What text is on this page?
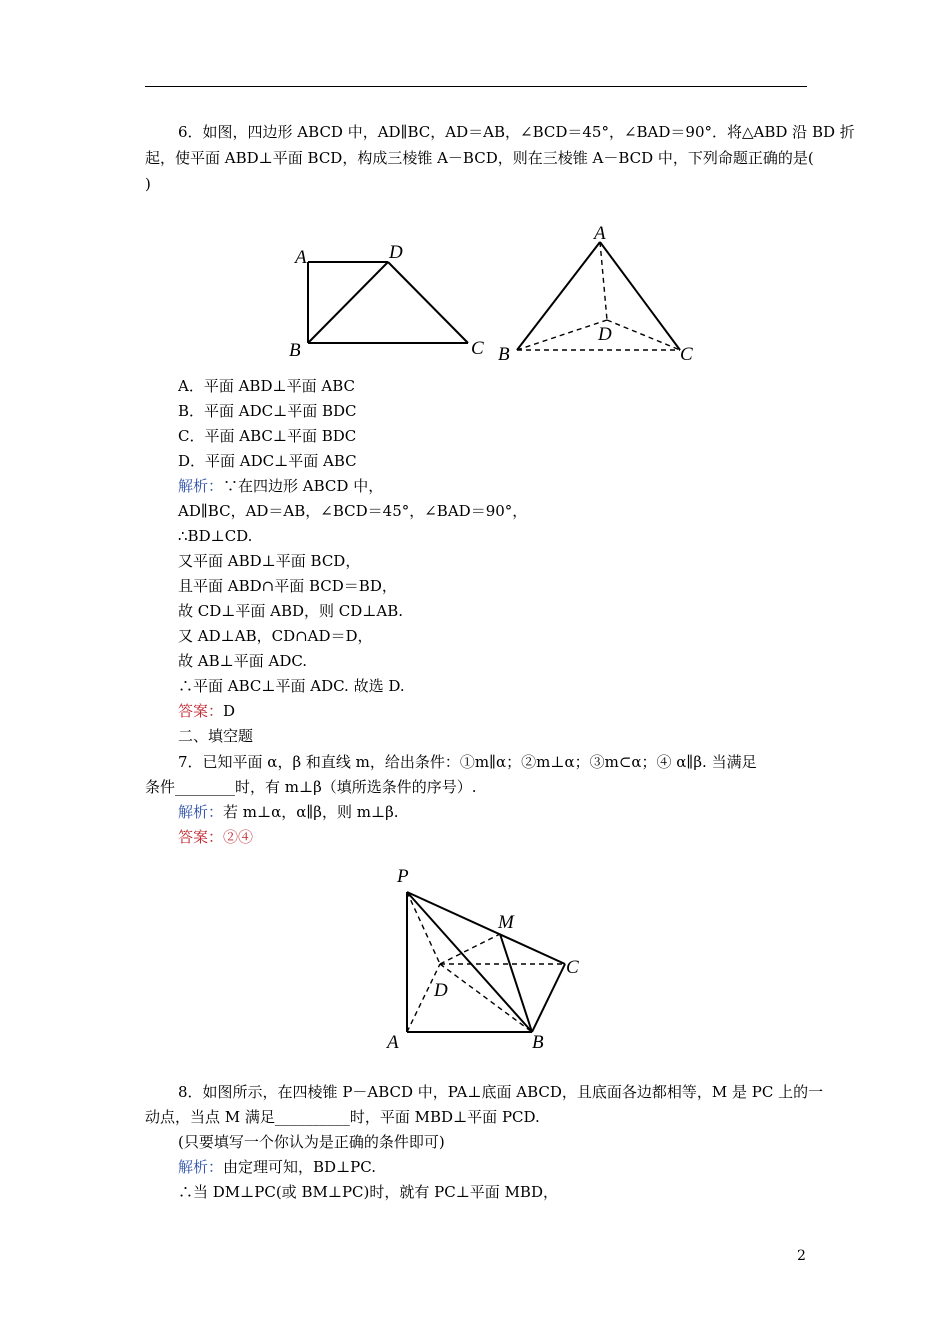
6．如图，四边形 ABCD 中，AD∥BC，AD＝AB，∠BCD＝45°，∠BAD＝90°．将△ABD 沿 BD 折
起，使平面 ABD⊥平面 BCD，构成三棱锥 A－BCD，则在三棱锥 A－BCD 中，下列命题正确的是(
)
A	D
B	C
A
D
B	C
A．平面 ABD⊥平面 ABC
B．平面 ADC⊥平面 BDC
C．平面 ABC⊥平面 BDC
D．平面 ADC⊥平面 ABC
解析：∵在四边形 ABCD 中，
AD∥BC，AD＝AB，∠BCD＝45°，∠BAD＝90°，
∴BD⊥CD.
又平面 ABD⊥平面 BCD，
且平面 ABD∩平面 BCD＝BD，
故 CD⊥平面 ABD，则 CD⊥AB.
又 AD⊥AB，CD∩AD＝D，
故 AB⊥平面 ADC.
∴平面 ABC⊥平面 ADC. 故选 D.
答案：D
二、填空题
7．已知平面 α，β 和直线 m，给出条件：①m∥α；②m⊥α；③m⊂α；④ α∥β. 当满足
条件________时，有 m⊥β（填所选条件的序号）.
解析：若 m⊥α，α∥β，则 m⊥β.
答案：②④
P
M
C
D
A	B
8．如图所示，在四棱锥 P－ABCD 中，PA⊥底面 ABCD，且底面各边都相等，M 是 PC 上的一
动点，当点 M 满足__________时，平面 MBD⊥平面 PCD.
(只要填写一个你认为是正确的条件即可)
解析：由定理可知，BD⊥PC.
∴当 DM⊥PC(或 BM⊥PC)时，就有 PC⊥平面 MBD，
2
